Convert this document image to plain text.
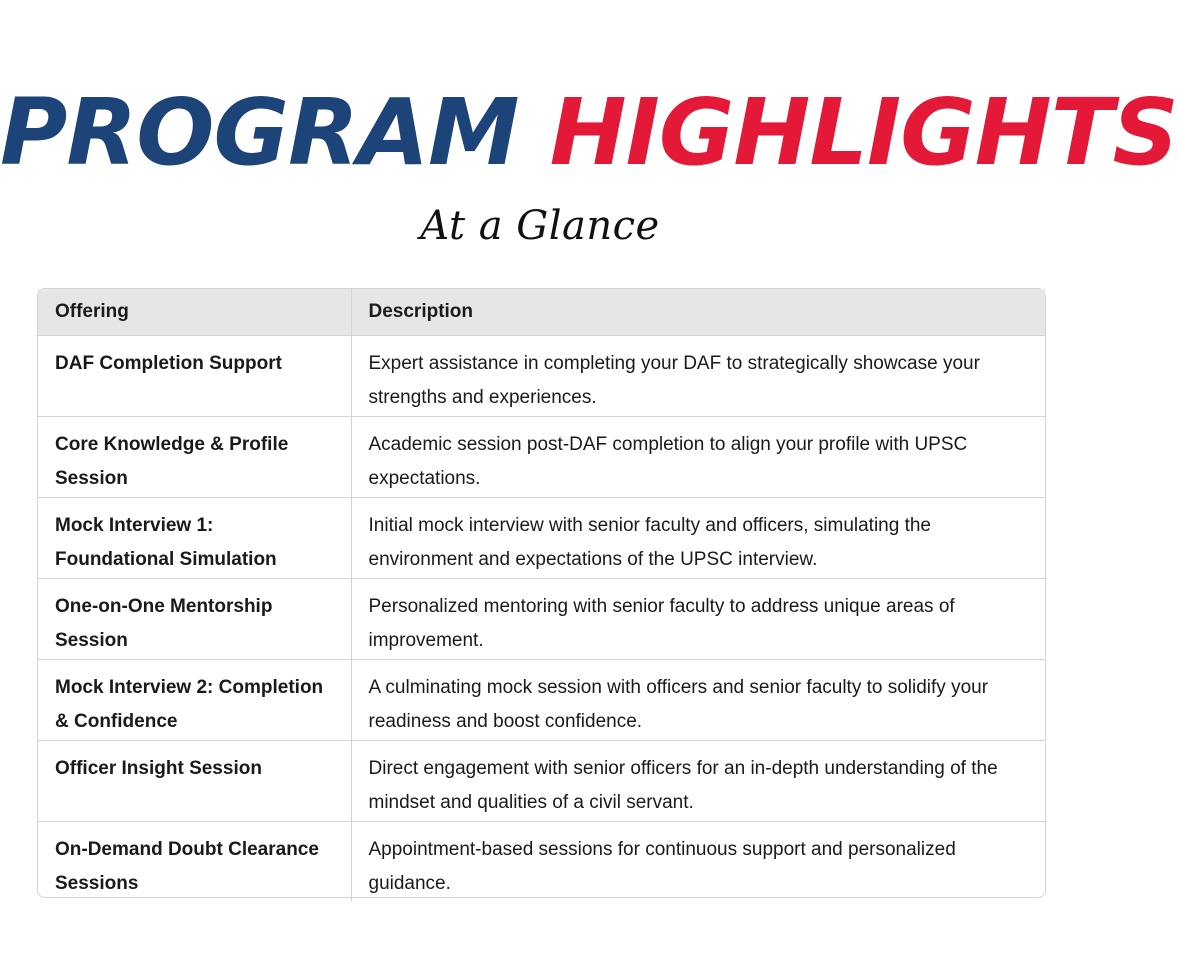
PROGRAM HIGHLIGHTS
At a Glance
Offering	Description
DAF Completion Support	Expert assistance in completing your DAF to strategically showcase your strengths and experiences.
Core Knowledge & Profile Session	Academic session post-DAF completion to align your profile with UPSC expectations.
Mock Interview 1: Foundational Simulation	Initial mock interview with senior faculty and officers, simulating the environment and expectations of the UPSC interview.
One-on-One Mentorship Session	Personalized mentoring with senior faculty to address unique areas of improvement.
Mock Interview 2: Completion & Confidence	A culminating mock session with officers and senior faculty to solidify your readiness and boost confidence.
Officer Insight Session	Direct engagement with senior officers for an in-depth understanding of the mindset and qualities of a civil servant.
On-Demand Doubt Clearance Sessions	Appointment-based sessions for continuous support and personalized guidance.
